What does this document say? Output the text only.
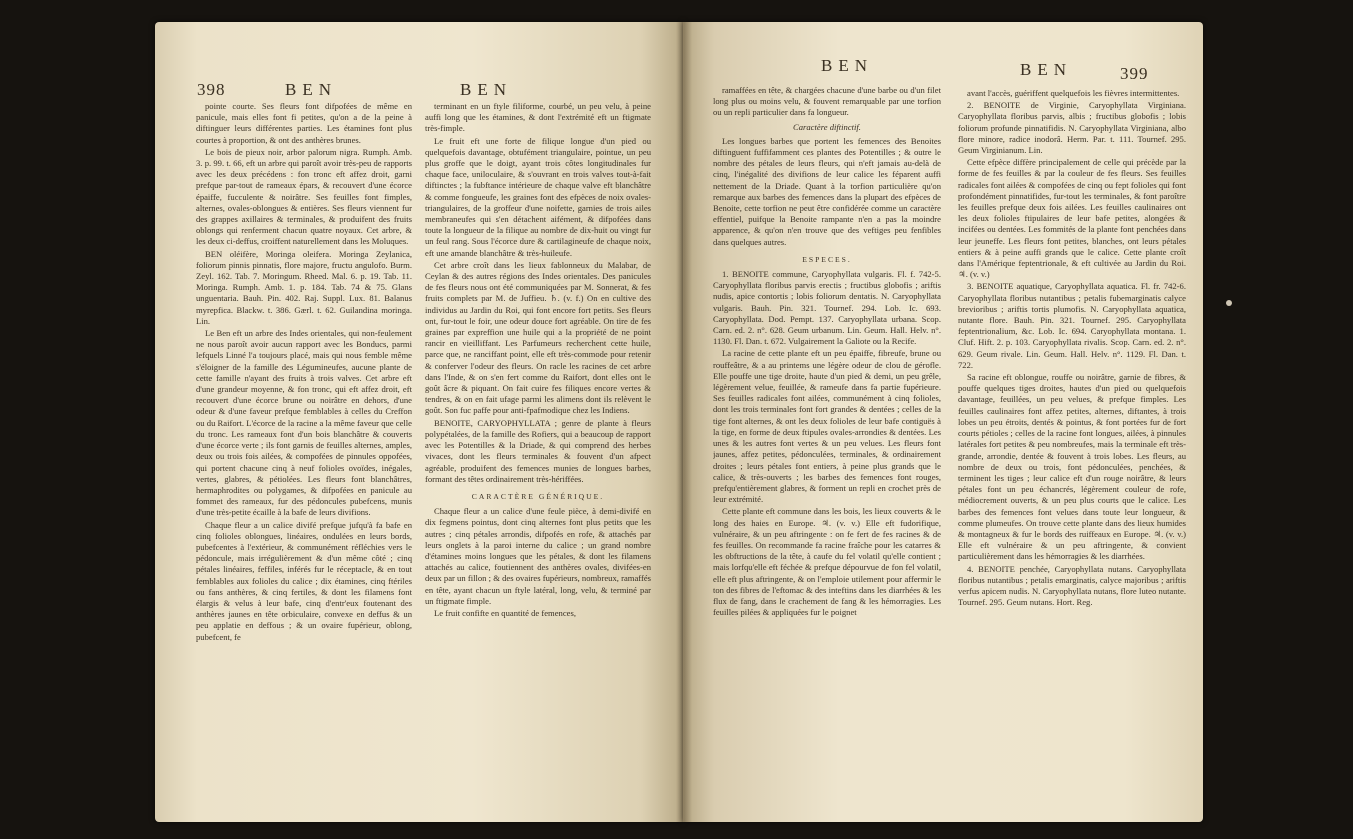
398	BEN	BEN
BEN	BEN	399

pointe courte. Ses fleurs font difpofées de même en panicule, mais elles font fi petites, qu'on a de la peine à diftinguer leurs différentes parties. Les étamines font plus courtes à proportion, & ont des anthères brunes.

Le bois de pieux noir, arbor palorum nigra. Rumph. Amb. 3. p. 99. t. 66, eft un arbre qui paroît avoir très-peu de rapports avec les deux précédens : fon tronc eft affez droit, garni prefque par-tout de rameaux épars, & recouvert d'une écorce épaiffe, fucculente & noirâtre. Ses feuilles font fimples, alternes, ovales-oblongues & entières. Ses fleurs viennent fur des grappes axillaires & terminales, & produifent des fruits oblongs qui renferment chacun quatre noyaux. Cet arbre, & les deux ci-deffus, croiffent naturellement dans les Moluques.

BEN oléifère, Moringa oleifera. Moringa Zeylanica, foliorum pinnis pinnatis, flore majore, fructu angulofo. Burm. Zeyl. 162. Tab. 7. Moringum. Rheed. Mal. 6. p. 19. Tab. 11. Moringa. Rumph. Amb. 1. p. 184. Tab. 74 & 75. Glans unguentaria. Bauh. Pin. 402. Raj. Suppl. Lux. 81. Balanus myrepfica. Blackw. t. 386. Gærl. t. 62. Guilandina moringa. Lin.

Le Ben eft un arbre des Indes orientales, qui non-feulement ne nous paroît avoir aucun rapport avec les Bonducs, parmi lefquels Linné l'a toujours placé, mais qui nous femble même s'éloigner de la famille des Légumineufes, aucune plante de cette famille n'ayant des fruits à trois valves. Cet arbre eft d'une grandeur moyenne, & fon tronc, qui eft affez droit, eft recouvert d'une écorce brune ou noirâtre en dehors, d'une odeur & d'une faveur prefque femblables à celles du Creffon ou du Raifort. L'écorce de la racine a la même faveur que celle du tronc. Les rameaux font d'un bois blanchâtre & couverts d'une écorce verte ; ils font garnis de feuilles alternes, amples, deux ou trois fois ailées, & compofées de pinnules oppofées, qui portent chacune cinq à neuf folioles ovoïdes, inégales, vertes, glabres, & pétiolées. Les fleurs font blanchâtres, hermaphrodites ou polygames, & difpofées en panicule au fommet des rameaux, fur des pédoncules pubefcens, munis d'une très-petite écaille à la bafe de leurs divifions.

Chaque fleur a un calice divifé prefque jufqu'à fa bafe en cinq folioles oblongues, linéaires, ondulées en leurs bords, pubefcentes à l'extérieur, & communément réfléchies vers le pédoncule, mais irrégulièrement & d'un même côté ; cinq pétales linéaires, feffiles, inférés fur le réceptacle, & en tout femblables aux folioles du calice ; dix étamines, cinq ftériles ou fans anthères, & cinq fertiles, & dont les filamens font élargis & velus à leur bafe, cinq d'entr'eux foutenant des anthères jaunes en tête orbiculaire, convexe en deffus & un peu applatie en deffous ; & un ovaire fupérieur, oblong, pubefcent, fe

terminant en un ftyle filiforme, courbé, un peu velu, à peine auffi long que les étamines, & dont l'extrémité eft un ftigmate très-fimple.

Le fruit eft une forte de filique longue d'un pied ou quelquefois davantage, obtufément triangulaire, pointue, un peu plus groffe que le doigt, ayant trois côtes longitudinales fur chaque face, uniloculaire, & s'ouvrant en trois valves tout-à-fait diftinctes ; la fubftance intérieure de chaque valve eft blanchâtre & comme fongueufe, les graines font des efpèces de noix ovales-triangulaires, de la groffeur d'une noifette, garnies de trois ailes membraneufes qui s'en détachent aifément, & difpofées dans toute la longueur de la filique au nombre de dix-huit ou vingt fur un feul rang. Sous l'écorce dure & cartilagineufe de chaque noix, eft une amande blanchâtre & très-huileufe.

Cet arbre croît dans les lieux fablonneux du Malabar, de Ceylan & des autres régions des Indes orientales. Des panicules de fes fleurs nous ont été communiquées par M. Sonnerat, & fes fruits complets par M. de Juffieu. ♄. (v. f.) On en cultive des individus au Jardin du Roi, qui font encore fort petits. Ses fleurs ont, fur-tout le foir, une odeur douce fort agréable. On tire de fes graines par expreffion une huile qui a la propriété de ne point rancir en vieilliffant. Les Parfumeurs recherchent cette huile, parce que, ne ranciffant point, elle eft très-commode pour retenir & conferver l'odeur des fleurs. On racle les racines de cet arbre dans l'Inde, & on s'en fert comme du Raifort, dont elles ont le goût âcre & piquant. On fait cuire fes filiques encore vertes & tendres, & on en fait ufage parmi les alimens dont ils relèvent le goût. Son fuc paffe pour anti-fpafmodique chez les Indiens.

BENOITE, CARYOPHYLLATA ; genre de plante à fleurs polypétalées, de la famille des Rofiers, qui a beaucoup de rapport avec les Potentilles & la Driade, & qui comprend des herbes vivaces, dont les fleurs terminales & fouvent d'un afpect agréable, produifent des femences munies de longues barbes, formant des têtes ordinairement très-hériffées.

CARACTÈRE GÉNÉRIQUE.

Chaque fleur a un calice d'une feule pièce, à demi-divifé en dix fegmens pointus, dont cinq alternes font plus petits que les autres ; cinq pétales arrondis, difpofés en rofe, & attachés par leurs onglets à la paroi interne du calice ; un grand nombre d'étamines moins longues que les pétales, & dont les filamens attachés au calice, foutiennent des anthères ovales, divifées-en deux par un fillon ; & des ovaires fupérieurs, nombreux, ramaffés en tête, ayant chacun un ftyle latéral, long, velu, & terminé par un ftigmate fimple.

Le fruit confifte en quantité de femences,

ramaffées en tête, & chargées chacune d'une barbe ou d'un filet long plus ou moins velu, & fouvent remarquable par une torfion ou un repli particulier dans fa longueur.

Caractère diftinctif.

Les longues barbes que portent les femences des Benoites diftinguent fuffifamment ces plantes des Potentilles ; & outre le nombre des pétales de leurs fleurs, qui n'eft jamais au-delà de cinq, l'inégalité des divifions de leur calice les féparent auffi nettement de la Driade. Quant à la torfion particulière qu'on remarque aux barbes des femences dans la plupart des efpèces de Benoite, cette torfion ne peut être confidérée comme un caractère effentiel, puifque la Benoite rampante n'en a pas la moindre apparence, & qu'on n'en trouve que des veftiges peu fenfibles dans quelques autres.

ESPECES.

1. BENOITE commune, Caryophyllata vulgaris. Fl. f. 742-5. Caryophyllata floribus parvis erectis ; fructibus globofis ; ariftis nudis, apice contortis ; lobis foliorum dentatis. N. Caryophyllata vulgaris. Bauh. Pin. 321. Tournef. 294. Lob. Ic. 693. Caryophyllata. Dod. Pempt. 137. Caryophyllata urbana. Scop. Carn. ed. 2. n°. 628. Geum urbanum. Lin. Geum. Hall. Helv. n°. 1130. Fl. Dan. t. 672. Vulgairement la Galiote ou la Recife.

La racine de cette plante eft un peu épaiffe, fibreufe, brune ou rouffeâtre, & a au printems une légère odeur de clou de gérofle. Elle pouffe une tige droite, haute d'un pied & demi, un peu grêle, légèrement velue, feuillée, & rameufe dans fa partie fupérieure. Ses feuilles radicales font ailées, communément à cinq folioles, dont les trois terminales font fort grandes & dentées ; celles de la tige font alternes, & ont les deux folioles de leur bafe contiguës à la tige, en forme de deux ftipules ovales-arrondies & dentées. Les unes & les autres font vertes & un peu velues. Les fleurs font jaunes, affez petites, pédonculées, terminales, & ordinairement droites ; leurs pétales font entiers, à peine plus grands que le calice, & très-ouverts ; les barbes des femences font rouges, prefqu'entièrement glabres, & forment un repli en crochet près de leur extrémité.

Cette plante eft commune dans les bois, les lieux couverts & le long des haies en Europe. ♃. (v. v.) Elle eft fudorifique, vulnéraire, & un peu aftringente : on fe fert de fes racines & de fes feuilles. On recommande fa racine fraîche pour les catarres & les obftructions de la tête, à caufe du fel volatil qu'elle contient ; mais lorfqu'elle eft féchée & prefque dépourvue de fon fel volatil, elle eft plus aftringente, & on l'emploie utilement pour affermir le ton des fibres de l'eftomac & des inteftins dans les diarrhées & les flux de fang, dans le crachement de fang & les hémorragies. Les feuilles pilées & appliquées fur le poignet

avant l'accès, guériffent quelquefois les fièvres intermittentes.

2. BENOITE de Virginie, Caryophyllata Virginiana. Caryophyllata floribus parvis, albis ; fructibus globofis ; lobis foliorum profunde pinnatifidis. N. Caryophyllata Virginiana, albo flore minore, radice inodorâ. Herm. Par. t. 111. Tournef. 295. Geum Virginianum. Lin.

Cette efpèce diffère principalement de celle qui précède par la forme de fes feuilles & par la couleur de fes fleurs. Ses feuilles radicales font ailées & compofées de cinq ou fept folioles qui font profondément pinnatifides, fur-tout les terminales, & font paroître les feuilles prefque deux fois ailées. Les feuilles caulinaires ont les deux folioles ftipulaires de leur bafe petites, alongées & incifées ou dentées. Les fommités de la plante font penchées dans leur jeuneffe. Les fleurs font petites, blanches, ont leurs pétales entiers & à peine auffi grands que le calice. Cette plante croît dans l'Amérique feptentrionale, & eft cultivée au Jardin du Roi. ♃. (v. v.)

3. BENOITE aquatique, Caryophyllata aquatica. Fl. fr. 742-6. Caryophyllata floribus nutantibus ; petalis fubemarginatis calyce brevioribus ; ariftis tortis plumofis. N. Caryophyllata aquatica, nutante flore. Bauh. Pin. 321. Tournef. 295. Caryophyllata feptentrionalium, &c. Lob. Ic. 694. Caryophyllata montana. 1. Cluf. Hift. 2. p. 103. Caryophyllata rivalis. Scop. Carn. ed. 2. n°. 629. Geum rivale. Lin. Geum. Hall. Helv. n°. 1129. Fl. Dan. t. 722.

Sa racine eft oblongue, rouffe ou noirâtre, garnie de fibres, & pouffe quelques tiges droites, hautes d'un pied ou quelquefois davantage, feuillées, un peu velues, & prefque fimples. Les feuilles caulinaires font affez petites, alternes, diftantes, à trois lobes un peu étroits, dentés & pointus, & font portées fur de fort courts pétioles ; celles de la racine font longues, ailées, à pinnules latérales fort petites & peu nombreufes, mais la terminale eft très-grande, arrondie, dentée & fouvent à trois lobes. Les fleurs, au nombre de deux ou trois, font pédonculées, penchées, & terminent les tiges ; leur calice eft d'un rouge noirâtre, & leurs pétales font un peu échancrés, légèrement couleur de rofe, médiocrement ouverts, & un peu plus courts que le calice. Les barbes des femences font velues dans toute leur longueur, & comme plumeufes. On trouve cette plante dans des lieux humides & montagneux & fur le bords des ruiffeaux en Europe. ♃. (v. v.) Elle eft vulnéraire & un peu aftringente, & convient particulièrement dans les hémorragies & les diarrhées.

4. BENOITE penchée, Caryophyllata nutans. Caryophyllata floribus nutantibus ; petalis emarginatis, calyce majoribus ; ariftis verfus apicem nudis. N. Caryophyllata nutans, flore luteo nutante. Tournef. 295. Geum nutans. Hort. Reg.
